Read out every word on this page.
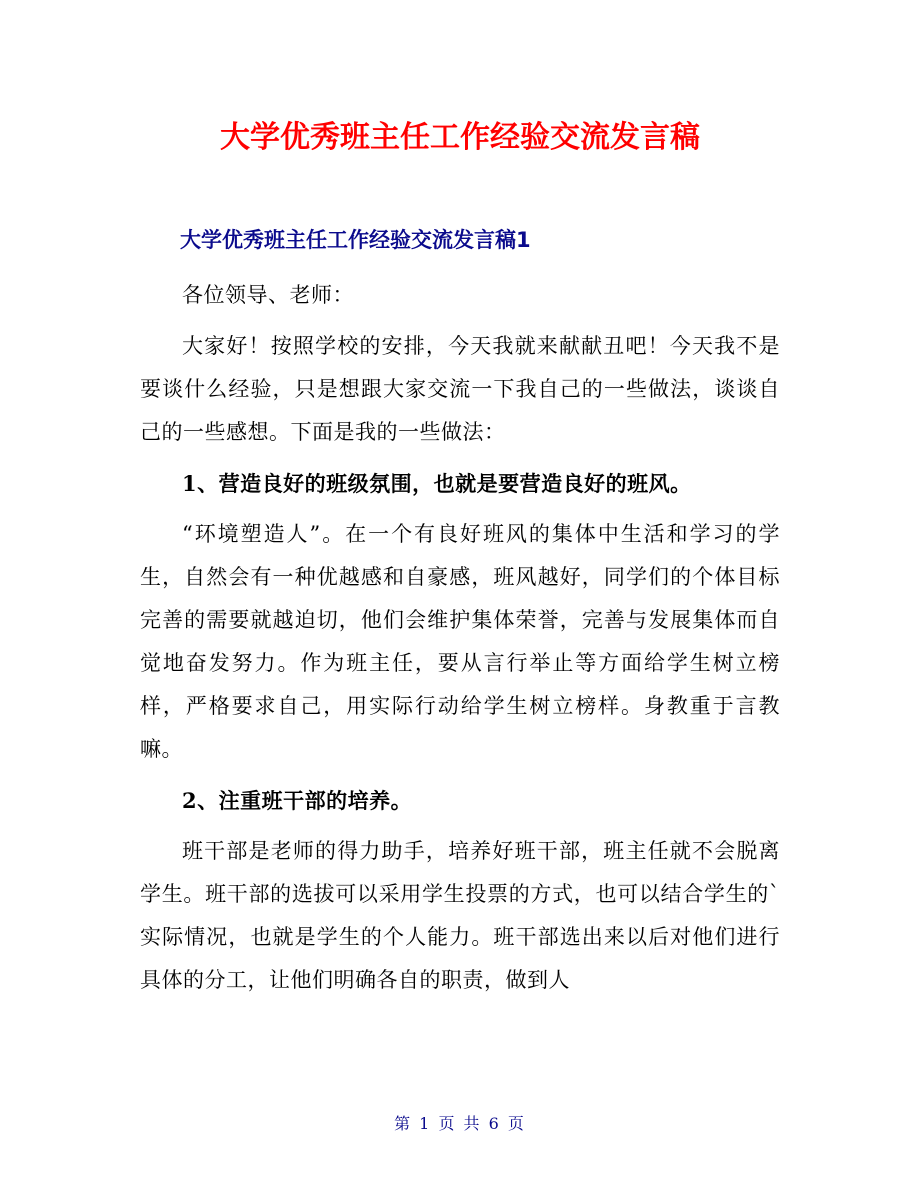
大学优秀班主任工作经验交流发言稿
大学优秀班主任工作经验交流发言稿1

各位领导、老师：

大家好！按照学校的安排，今天我就来献献丑吧！今天我不是要谈什么经验，只是想跟大家交流一下我自己的一些做法，谈谈自己的一些感想。下面是我的一些做法：

1、营造良好的班级氛围，也就是要营造良好的班风。

“环境塑造人”。在一个有良好班风的集体中生活和学习的学生，自然会有一种优越感和自豪感，班风越好，同学们的个体目标完善的需要就越迫切，他们会维护集体荣誉，完善与发展集体而自觉地奋发努力。作为班主任，要从言行举止等方面给学生树立榜样，严格要求自己，用实际行动给学生树立榜样。身教重于言教嘛。

2、注重班干部的培养。

班干部是老师的得力助手，培养好班干部，班主任就不会脱离学生。班干部的选拔可以采用学生投票的方式，也可以结合学生的`实际情况，也就是学生的个人能力。班干部选出来以后对他们进行具体的分工，让他们明确各自的职责，做到人

第 1 页 共 6 页
